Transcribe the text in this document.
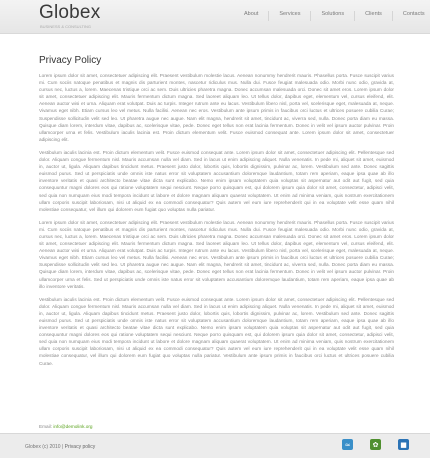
Globex
BUSINESS & CONSULTING
About	Services	Solutions	Clients	Contacts
Privacy Policy

Lorem ipsum dolor sit amet, consectetuer adipiscing elit. Praesent vestibulum molestie lacus. Aenean nonummy hendrerit mauris. Phasellus porta. Fusce suscipit varius mi. Cum sociis natoque penatibus et magnis dis parturient montes, nascetur ridiculus mus. Nulla dui. Fusce feugiat malesuada odio. Morbi nunc odio, gravida at, cursus nec, luctus a, lorem. Maecenas tristique orci ac sem. Duis ultricies pharetra magna. Donec accumsan malesuada orci. Donec sit amet eros. Lorem ipsum dolor sit amet, consectetuer adipiscing elit. Mauris fermentum dictum magna. Sed laoreet aliquam leo. Ut tellus dolor, dapibus eget, elementum vel, cursus eleifend, elit. Aenean auctor wisi et urna. Aliquam erat volutpat. Duis ac turpis. Integer rutrum ante eu lacus. Vestibulum libero nisl, porta vel, scelerisque eget, malesuada at, neque. Vivamus eget nibh. Etiam cursus leo vel metus. Nulla facilisi. Aenean nec eros. Vestibulum ante ipsum primis in faucibus orci luctus et ultrices posuere cubilia Curae; Suspendisse sollicitudin velit sed leo. Ut pharetra augue nec augue. Nam elit magna, hendrerit sit amet, tincidunt ac, viverra sed, nulla. Donec porta diam eu massa. Quisque diam lorem, interdum vitae, dapibus ac, scelerisque vitae, pede. Donec eget tellus non erat lacinia fermentum. Donec in velit vel ipsum auctor pulvinar. Proin ullamcorper urna et felis. Vestibulum iaculis lacinia est. Proin dictum elementum velit. Fusce euismod consequat ante. Lorem ipsum dolor sit amet, consectetuer adipiscing elit.

Vestibulum iaculis lacinia est. Proin dictum elementum velit. Fusce euismod consequat ante. Lorem ipsum dolor sit amet, consectetuer adipiscing elit. Pellentesque sed dolor. Aliquam congue fermentum nisl. Mauris accumsan nulla vel diam. Sed in lacus ut enim adipiscing aliquet. Nulla venenatis. In pede mi, aliquet sit amet, euismod in, auctor ut, ligula. Aliquam dapibus tincidunt metus. Praesent justo dolor, lobortis quis, lobortis dignissim, pulvinar ac, lorem. Vestibulum sed ante. Donec sagittis euismod purus. Sed ut perspiciatis unde omnis iste natus error sit voluptatem accusantium doloremque laudantium, totam rem aperiam, eaque ipsa quae ab illo inventore veritatis et quasi architecto beatae vitae dicta sunt explicabo. Nemo enim ipsam voluptatem quia voluptas sit aspernatur aut odit aut fugit, sed quia consequuntur magni dolores eos qui ratione voluptatem sequi nesciunt. Neque porro quisquam est, qui dolorem ipsum quia dolor sit amet, consectetur, adipisci velit, sed quia non numquam eius modi tempora incidunt ut labore et dolore magnam aliquam quaerat voluptatem. Ut enim ad minima veniam, quis nostrum exercitationem ullam corporis suscipit laboriosam, nisi ut aliquid ex ea commodi consequatur? Quis autem vel eum iure reprehenderit qui in ea voluptate velit esse quam nihil molestiae consequatur, vel illum qui dolorem eum fugiat quo voluptas nulla pariatur.

Lorem ipsum dolor sit amet, consectetuer adipiscing elit. Praesent vestibulum molestie lacus. Aenean nonummy hendrerit mauris. Phasellus porta. Fusce suscipit varius mi. Cum sociis natoque penatibus et magnis dis parturient montes, nascetur ridiculus mus. Nulla dui. Fusce feugiat malesuada odio. Morbi nunc odio, gravida at, cursus nec, luctus a, lorem. Maecenas tristique orci ac sem. Duis ultricies pharetra magna. Donec accumsan malesuada orci. Donec sit amet eros. Lorem ipsum dolor sit amet, consectetuer adipiscing elit. Mauris fermentum dictum magna. Sed laoreet aliquam leo. Ut tellus dolor, dapibus eget, elementum vel, cursus eleifend, elit. Aenean auctor wisi et urna. Aliquam erat volutpat. Duis ac turpis. Integer rutrum ante eu lacus. Vestibulum libero nisl, porta vel, scelerisque eget, malesuada at, neque. Vivamus eget nibh. Etiam cursus leo vel metus. Nulla facilisi. Aenean nec eros. Vestibulum ante ipsum primis in faucibus orci luctus et ultrices posuere cubilia Curae; Suspendisse sollicitudin velit sed leo. Ut pharetra augue nec augue. Nam elit magna, hendrerit sit amet, tincidunt ac, viverra sed, nulla. Donec porta diam eu massa. Quisque diam lorem, interdum vitae, dapibus ac, scelerisque vitae, pede. Donec eget tellus non erat lacinia fermentum. Donec in velit vel ipsum auctor pulvinar. Proin ullamcorper urna et felis. Sed ut perspiciatis unde omnis iste natus error sit voluptatem accusantium doloremque laudantium, totam rem aperiam, eaque ipsa quae ab illo inventore veritatis.

Vestibulum iaculis lacinia est. Proin dictum elementum velit. Fusce euismod consequat ante. Lorem ipsum dolor sit amet, consectetuer adipiscing elit. Pellentesque sed dolor. Aliquam congue fermentum nisl. Mauris accumsan nulla vel diam. Sed in lacus ut enim adipiscing aliquet. Nulla venenatis. In pede mi, aliquet sit amet, euismod in, auctor ut, ligula. Aliquam dapibus tincidunt metus. Praesent justo dolor, lobortis quis, lobortis dignissim, pulvinar ac, lorem. Vestibulum sed ante. Donec sagittis euismod purus. Sed ut perspiciatis unde omnis iste natus error sit voluptatem accusantium doloremque laudantium, totam rem aperiam, eaque ipsa quae ab illo inventore veritatis et quasi architecto beatae vitae dicta sunt explicabo. Nemo enim ipsam voluptatem quia voluptas sit aspernatur aut odit aut fugit, sed quia consequuntur magni dolores eos qui ratione voluptatem sequi nesciunt. Neque porro quisquam est, qui dolorem ipsum quia dolor sit amet, consectetur, adipisci velit, sed quia non numquam eius modi tempora incidunt ut labore et dolore magnam aliquam quaerat voluptatem. Ut enim ad minima veniam, quis nostrum exercitationem ullam corporis suscipit laboriosam, nisi ut aliquid ex ea commodi consequatur? Quis autem vel eum iure reprehenderit qui in ea voluptate velit esse quam nihil molestiae consequatur, vel illum qui dolorem eum fugiat quo voluptas nulla pariatur. Vestibulum ante ipsum primis in faucibus orci luctus et ultrices posuere cubilia Curae.

Email: info@demolink.org
Globex (c) 2010 | Privacy policy	≈	✿	■
